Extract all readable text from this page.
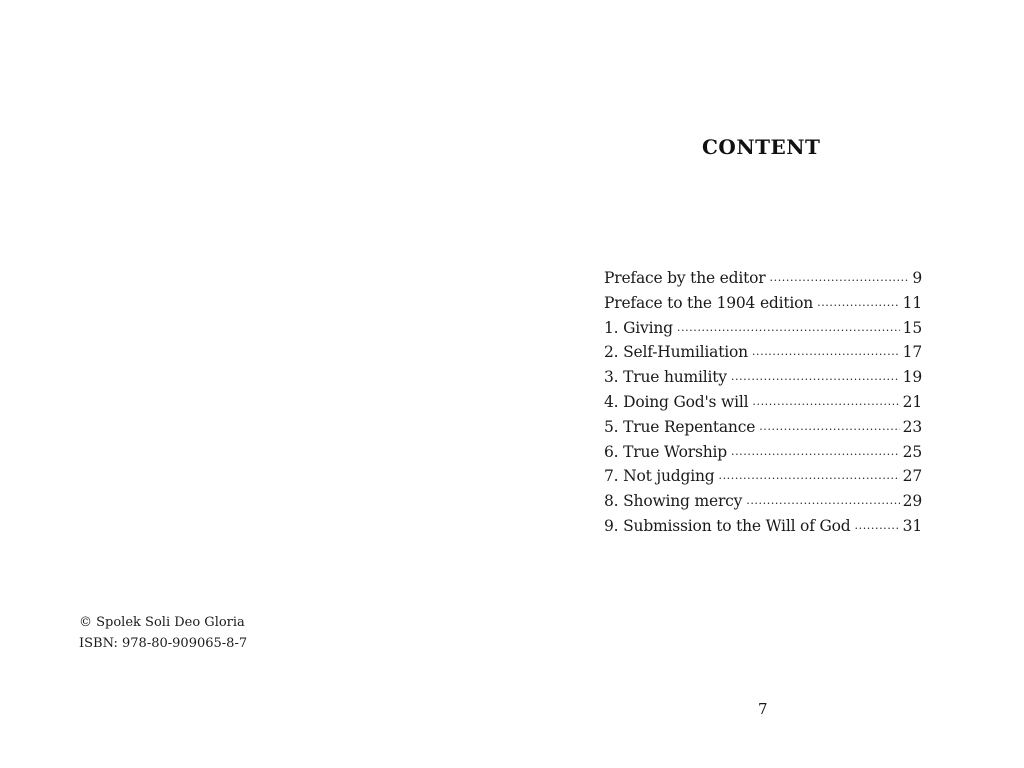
© Spolek Soli Deo Gloria
ISBN: 978-80-909065-8-7
CONTENT
Preface by the editor .....	9
Preface to the 1904 edition .....	11
1. Giving .....	15
2. Self-Humiliation .....	17
3. True humility .....	19
4. Doing God's will .....	21
5. True Repentance .....	23
6. True Worship .....	25
7. Not judging .....	27
8. Showing mercy .....	29
9. Submission to the Will of God .....	31
7
